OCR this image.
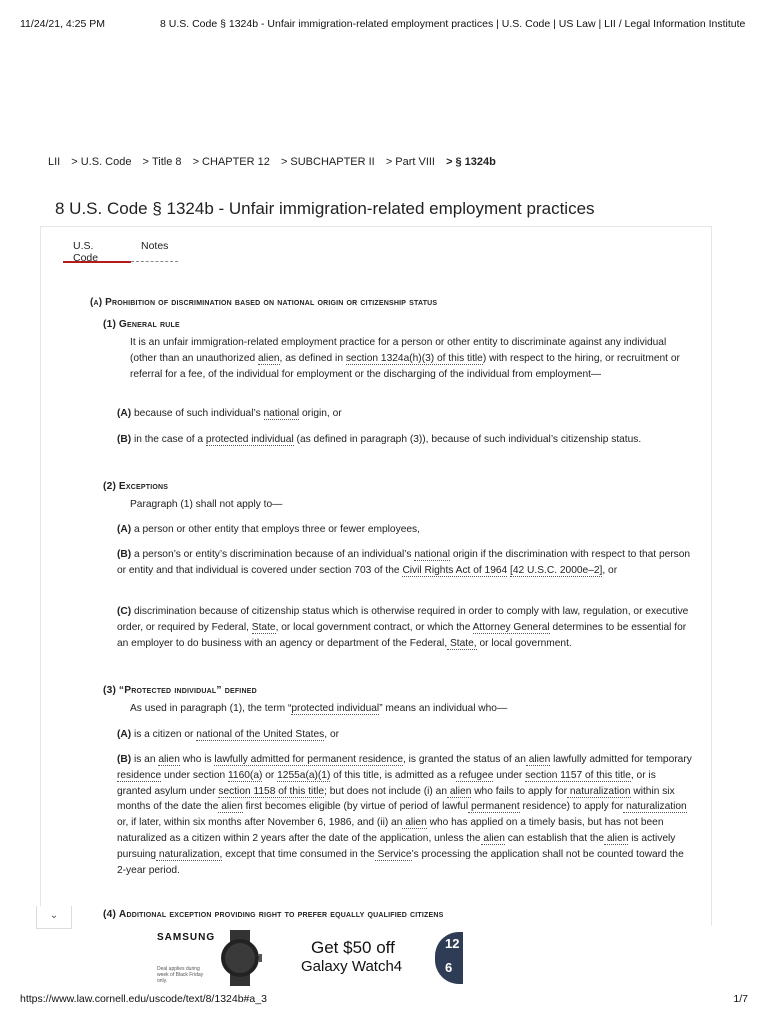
11/24/21, 4:25 PM	8 U.S. Code § 1324b - Unfair immigration-related employment practices | U.S. Code | US Law | LII / Legal Information Institute
LII > U.S. Code > Title 8 > CHAPTER 12 > SUBCHAPTER II > Part VIII > § 1324b
8 U.S. Code § 1324b - Unfair immigration-related employment practices
U.S. Code
Notes
(a) Prohibition of discrimination based on national origin or citizenship status
(1) General rule
It is an unfair immigration-related employment practice for a person or other entity to discriminate against any individual (other than an unauthorized alien, as defined in section 1324a(h)(3) of this title) with respect to the hiring, or recruitment or referral for a fee, of the individual for employment or the discharging of the individual from employment—
(A) because of such individual’s national origin, or
(B) in the case of a protected individual (as defined in paragraph (3)), because of such individual’s citizenship status.
(2) Exceptions
Paragraph (1) shall not apply to—
(A) a person or other entity that employs three or fewer employees,
(B) a person’s or entity’s discrimination because of an individual’s national origin if the discrimination with respect to that person or entity and that individual is covered under section 703 of the Civil Rights Act of 1964 [42 U.S.C. 2000e–2], or
(C) discrimination because of citizenship status which is otherwise required in order to comply with law, regulation, or executive order, or required by Federal, State, or local government contract, or which the Attorney General determines to be essential for an employer to do business with an agency or department of the Federal, State, or local government.
(3) “Protected individual” defined
As used in paragraph (1), the term “protected individual” means an individual who—
(A) is a citizen or national of the United States, or
(B) is an alien who is lawfully admitted for permanent residence, is granted the status of an alien lawfully admitted for temporary residence under section 1160(a) or 1255a(a)(1) of this title, is admitted as a refugee under section 1157 of this title, or is granted asylum under section 1158 of this title; but does not include (i) an alien who fails to apply for naturalization within six months of the date the alien first becomes eligible (by virtue of period of lawful permanent residence) to apply for naturalization or, if later, within six months after November 6, 1986, and (ii) an alien who has applied on a timely basis, but has not been naturalized as a citizen within 2 years after the date of the application, unless the alien can establish that the alien is actively pursuing naturalization, except that time consumed in the Service’s processing the application shall not be counted toward the 2-year period.
(4) Additional exception providing right to prefer equally qualified citizens
⌄
SAMSUNG
Deal applies during week of Black Friday only.
Get $50 off
Galaxy Watch4
12
6
https://www.law.cornell.edu/uscode/text/8/1324b#a_3	1/7
